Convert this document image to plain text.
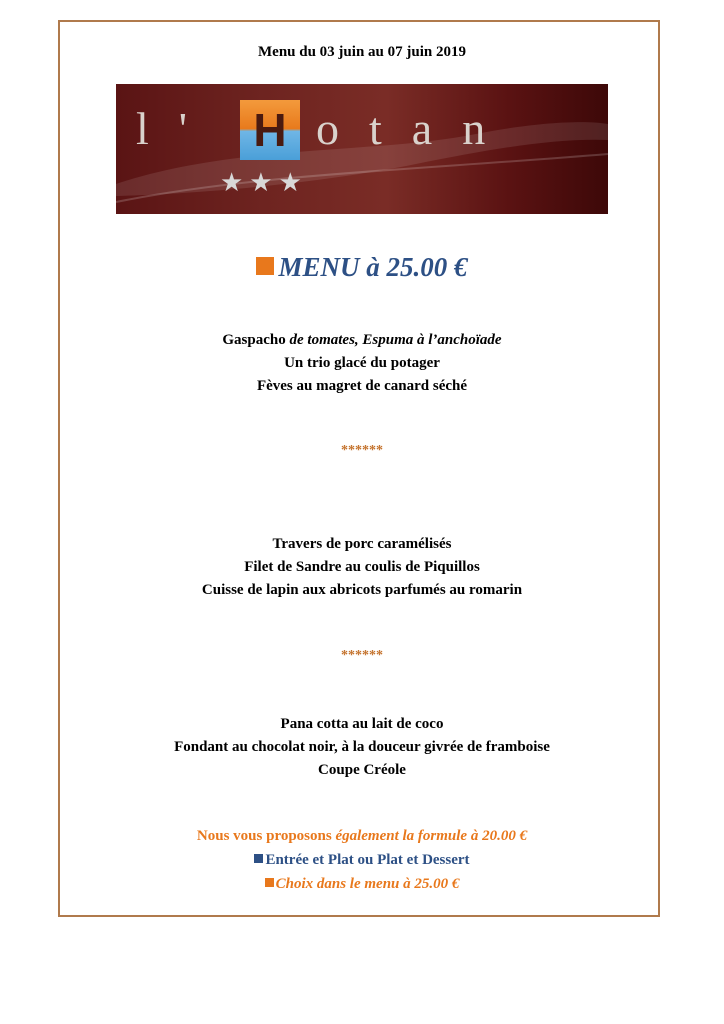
Menu du 03 juin au 07 juin 2019
l' H otan
★★★
MENU à 25.00 €
Gaspacho de tomates, Espuma à l’anchoïade
Un trio glacé du potager
Fèves au magret de canard séché
******
Travers de porc caramélisés
Filet de Sandre au coulis de Piquillos
Cuisse de lapin aux abricots parfumés au romarin
******
Pana cotta au lait de coco
Fondant au chocolat noir, à la douceur givrée de framboise
Coupe Créole
Nous vous proposons également la formule à 20.00 €
Entrée et Plat ou Plat et Dessert
Choix dans le menu à 25.00 €
